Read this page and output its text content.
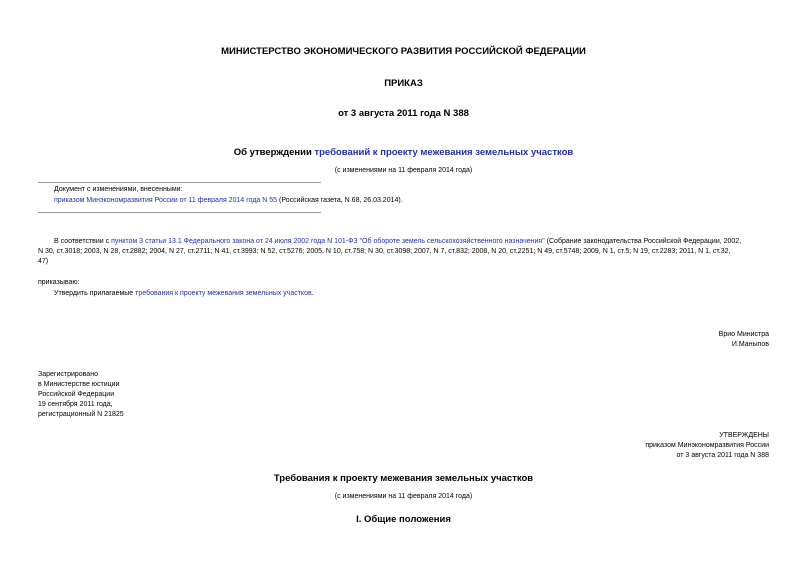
МИНИСТЕРСТВО ЭКОНОМИЧЕСКОГО РАЗВИТИЯ РОССИЙСКОЙ ФЕДЕРАЦИИ
ПРИКАЗ
от 3 августа 2011 года N 388
Об утверждении требований к проекту межевания земельных участков
(с изменениями на 11 февраля 2014 года)
Документ с изменениями, внесенными:
приказом Минэкономразвития России от 11 февраля 2014 года N 55 (Российская газета, N 68, 26.03.2014).
В соответствии с пунктом 3 статьи 13.1 Федерального закона от 24 июля 2002 года N 101-ФЗ "Об обороте земель сельскохозяйственного назначения" (Собрание законодательства Российской Федерации, 2002,
N 30, ст.3018; 2003, N 28, ст.2882; 2004, N 27, ст.2711; N 41, ст.3993; N 52, ст.5276; 2005, N 10, ст.758; N 30, ст.3098; 2007, N 7, ст.832; 2008, N 20, ст.2251; N 49, ст.5748; 2009, N 1, ст.5; N 19, ст.2283; 2011, N 1, ст.32,
47)
приказываю:
Утвердить прилагаемые требования к проекту межевания земельных участков.
Врио Министра
И.Маныпов
Зарегистрировано
в Министерстве юстиции
Российской Федерации
19 сентября 2011 года,
регистрационный N 21825
УТВЕРЖДЕНЫ
приказом Минэкономразвития России
от 3 августа 2011 года N 388
Требования к проекту межевания земельных участков
(с изменениями на 11 февраля 2014 года)
I. Общие положения
